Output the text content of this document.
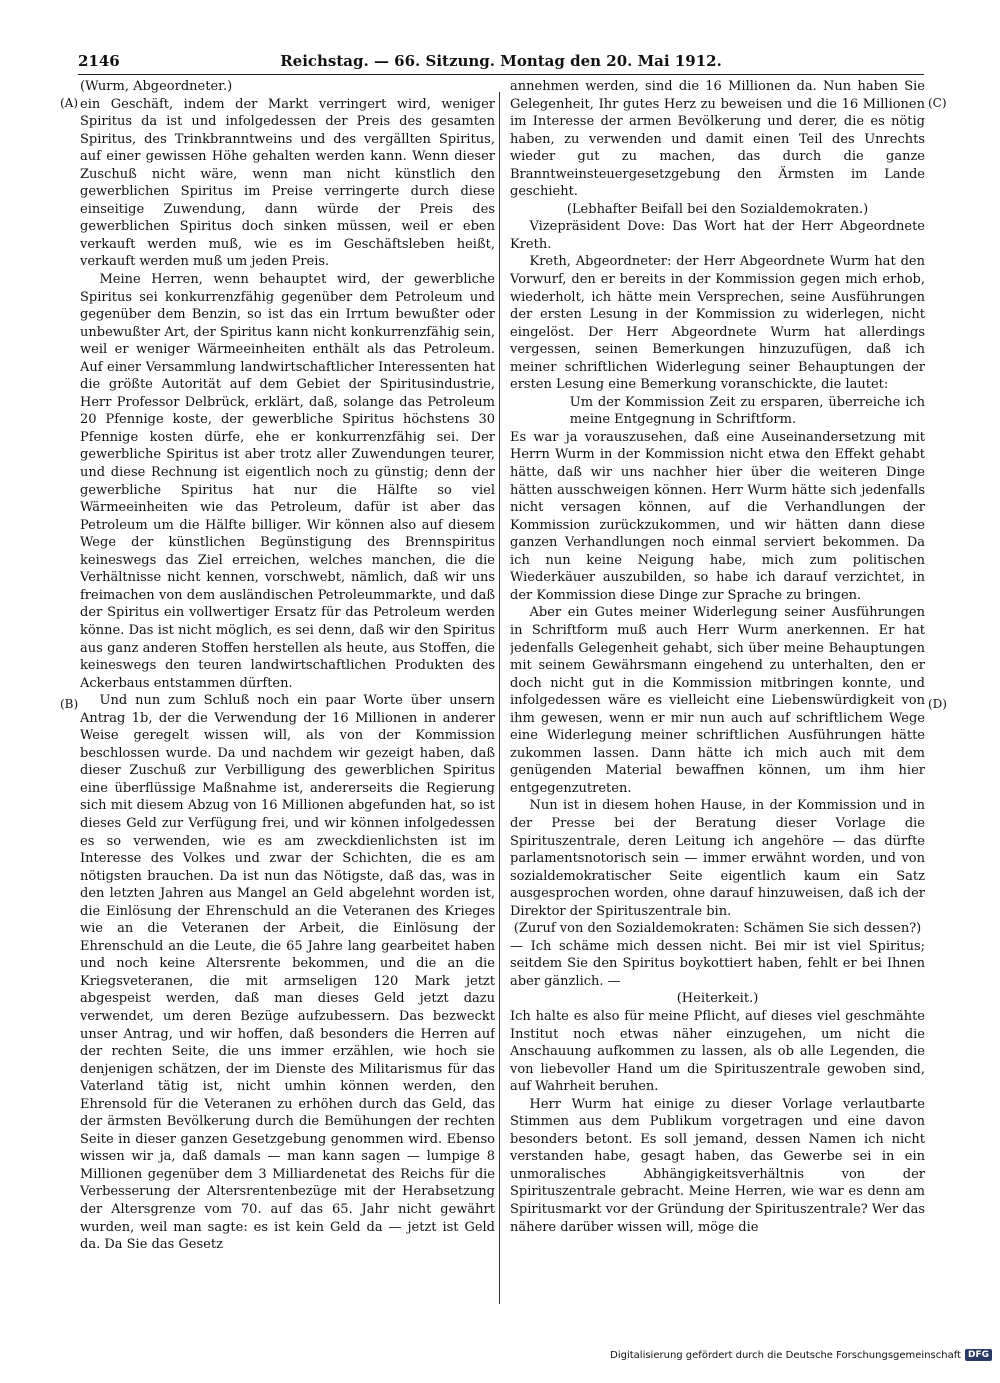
2146	Reichstag. — 66. Sitzung. Montag den 20. Mai 1912.
(A)
(B)
(C)
(D)

(Wurm, Abgeordneter.)

ein Geschäft, indem der Markt verringert wird, weniger Spiritus da ist und infolgedessen der Preis des gesamten Spiritus, des Trinkbranntweins und des vergällten Spiritus, auf einer gewissen Höhe gehalten werden kann. Wenn dieser Zuschuß nicht wäre, wenn man nicht künstlich den gewerblichen Spiritus im Preise verringerte durch diese einseitige Zuwendung, dann würde der Preis des gewerblichen Spiritus doch sinken müssen, weil er eben verkauft werden muß, wie es im Geschäftsleben heißt, verkauft werden muß um jeden Preis.

Meine Herren, wenn behauptet wird, der gewerbliche Spiritus sei konkurrenzfähig gegenüber dem Petroleum und gegenüber dem Benzin, so ist das ein Irrtum bewußter oder unbewußter Art, der Spiritus kann nicht konkurrenzfähig sein, weil er weniger Wärmeeinheiten enthält als das Petroleum. Auf einer Versammlung landwirtschaftlicher Interessenten hat die größte Autorität auf dem Gebiet der Spiritusindustrie, Herr Professor Delbrück, erklärt, daß, solange das Petroleum 20 Pfennige koste, der gewerbliche Spiritus höchstens 30 Pfennige kosten dürfe, ehe er konkurrenzfähig sei. Der gewerbliche Spiritus ist aber trotz aller Zuwendungen teurer, und diese Rechnung ist eigentlich noch zu günstig; denn der gewerbliche Spiritus hat nur die Hälfte so viel Wärmeeinheiten wie das Petroleum, dafür ist aber das Petroleum um die Hälfte billiger. Wir können also auf diesem Wege der künstlichen Begünstigung des Brennspiritus keineswegs das Ziel erreichen, welches manchen, die die Verhältnisse nicht kennen, vorschwebt, nämlich, daß wir uns freimachen von dem ausländischen Petroleummarkte, und daß der Spiritus ein vollwertiger Ersatz für das Petroleum werden könne. Das ist nicht möglich, es sei denn, daß wir den Spiritus aus ganz anderen Stoffen herstellen als heute, aus Stoffen, die keineswegs den teuren landwirtschaftlichen Produkten des Ackerbaus entstammen dürften.

Und nun zum Schluß noch ein paar Worte über unsern Antrag 1b, der die Verwendung der 16 Millionen in anderer Weise geregelt wissen will, als von der Kommission beschlossen wurde. Da und nachdem wir gezeigt haben, daß dieser Zuschuß zur Verbilligung des gewerblichen Spiritus eine überflüssige Maßnahme ist, andererseits die Regierung sich mit diesem Abzug von 16 Millionen abgefunden hat, so ist dieses Geld zur Verfügung frei, und wir können infolgedessen es so verwenden, wie es am zweckdienlichsten ist im Interesse des Volkes und zwar der Schichten, die es am nötigsten brauchen. Da ist nun das Nötigste, daß das, was in den letzten Jahren aus Mangel an Geld abgelehnt worden ist, die Einlösung der Ehrenschuld an die Veteranen des Krieges wie an die Veteranen der Arbeit, die Einlösung der Ehrenschuld an die Leute, die 65 Jahre lang gearbeitet haben und noch keine Altersrente bekommen, und die an die Kriegsveteranen, die mit armseligen 120 Mark jetzt abgespeist werden, daß man dieses Geld jetzt dazu verwendet, um deren Bezüge aufzubessern. Das bezweckt unser Antrag, und wir hoffen, daß besonders die Herren auf der rechten Seite, die uns immer erzählen, wie hoch sie denjenigen schätzen, der im Dienste des Militarismus für das Vaterland tätig ist, nicht umhin können werden, den Ehrensold für die Veteranen zu erhöhen durch das Geld, das der ärmsten Bevölkerung durch die Bemühungen der rechten Seite in dieser ganzen Gesetzgebung genommen wird. Ebenso wissen wir ja, daß damals — man kann sagen — lumpige 8 Millionen gegenüber dem 3 Milliardenetat des Reichs für die Verbesserung der Altersrentenbezüge mit der Herabsetzung der Altersgrenze vom 70. auf das 65. Jahr nicht gewährt wurden, weil man sagte: es ist kein Geld da — jetzt ist Geld da. Da Sie das Gesetz

annehmen werden, sind die 16 Millionen da. Nun haben Sie Gelegenheit, Ihr gutes Herz zu beweisen und die 16 Millionen im Interesse der armen Bevölkerung und derer, die es nötig haben, zu verwenden und damit einen Teil des Unrechts wieder gut zu machen, das durch die ganze Branntweinsteuergesetzgebung den Ärmsten im Lande geschieht.

(Lebhafter Beifall bei den Sozialdemokraten.)

Vizepräsident Dove: Das Wort hat der Herr Abgeordnete Kreth.

Kreth, Abgeordneter: der Herr Abgeordnete Wurm hat den Vorwurf, den er bereits in der Kommission gegen mich erhob, wiederholt, ich hätte mein Versprechen, seine Ausführungen der ersten Lesung in der Kommission zu widerlegen, nicht eingelöst. Der Herr Abgeordnete Wurm hat allerdings vergessen, seinen Bemerkungen hinzuzufügen, daß ich meiner schriftlichen Widerlegung seiner Behauptungen der ersten Lesung eine Bemerkung voranschickte, die lautet:

Um der Kommission Zeit zu ersparen, überreiche ich meine Entgegnung in Schriftform.

Es war ja vorauszusehen, daß eine Auseinandersetzung mit Herrn Wurm in der Kommission nicht etwa den Effekt gehabt hätte, daß wir uns nachher hier über die weiteren Dinge hätten ausschweigen können. Herr Wurm hätte sich jedenfalls nicht versagen können, auf die Verhandlungen der Kommission zurückzukommen, und wir hätten dann diese ganzen Verhandlungen noch einmal serviert bekommen. Da ich nun keine Neigung habe, mich zum politischen Wiederkäuer auszubilden, so habe ich darauf verzichtet, in der Kommission diese Dinge zur Sprache zu bringen.

Aber ein Gutes meiner Widerlegung seiner Ausführungen in Schriftform muß auch Herr Wurm anerkennen. Er hat jedenfalls Gelegenheit gehabt, sich über meine Behauptungen mit seinem Gewährsmann eingehend zu unterhalten, den er doch nicht gut in die Kommission mitbringen konnte, und infolgedessen wäre es vielleicht eine Liebenswürdigkeit von ihm gewesen, wenn er mir nun auch auf schriftlichem Wege eine Widerlegung meiner schriftlichen Ausführungen hätte zukommen lassen. Dann hätte ich mich auch mit dem genügenden Material bewaffnen können, um ihm hier entgegenzutreten.

Nun ist in diesem hohen Hause, in der Kommission und in der Presse bei der Beratung dieser Vorlage die Spirituszentrale, deren Leitung ich angehöre — das dürfte parlamentsnotorisch sein — immer erwähnt worden, und von sozialdemokratischer Seite eigentlich kaum ein Satz ausgesprochen worden, ohne darauf hinzuweisen, daß ich der Direktor der Spirituszentrale bin.

(Zuruf von den Sozialdemokraten: Schämen Sie sich dessen?)

— Ich schäme mich dessen nicht. Bei mir ist viel Spiritus; seitdem Sie den Spiritus boykottiert haben, fehlt er bei Ihnen aber gänzlich. —

(Heiterkeit.)

Ich halte es also für meine Pflicht, auf dieses viel geschmähte Institut noch etwas näher einzugehen, um nicht die Anschauung aufkommen zu lassen, als ob alle Legenden, die von liebevoller Hand um die Spirituszentrale gewoben sind, auf Wahrheit beruhen.

Herr Wurm hat einige zu dieser Vorlage verlautbarte Stimmen aus dem Publikum vorgetragen und eine davon besonders betont. Es soll jemand, dessen Namen ich nicht verstanden habe, gesagt haben, das Gewerbe sei in ein unmoralisches Abhängigkeitsverhältnis von der Spirituszentrale gebracht. Meine Herren, wie war es denn am Spiritusmarkt vor der Gründung der Spirituszentrale? Wer das nähere darüber wissen will, möge die

Digitalisierung gefördert durch die Deutsche Forschungsgemeinschaft DFG
